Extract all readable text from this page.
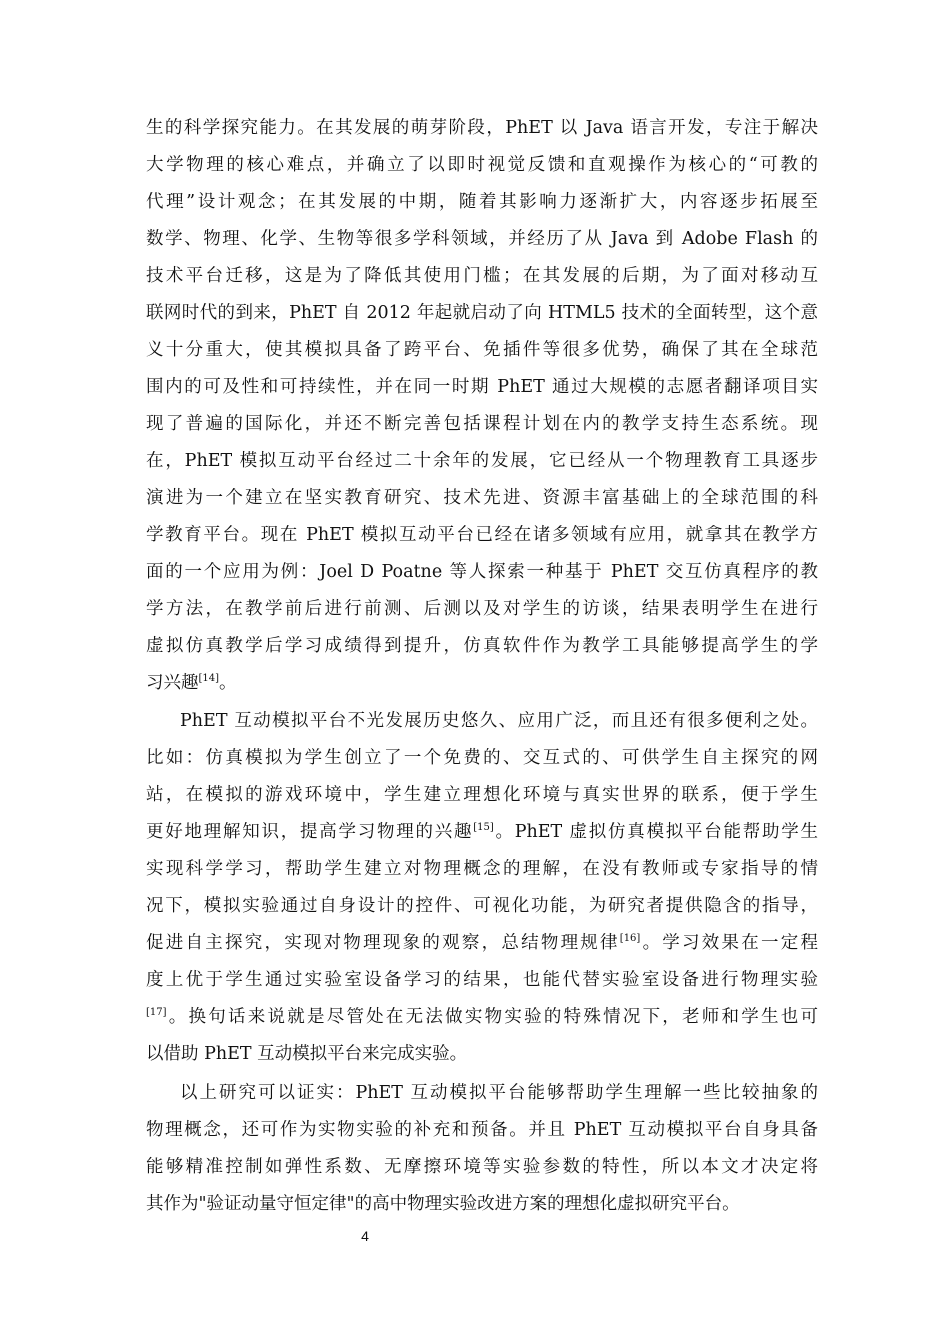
生的科学探究能力。在其发展的萌芽阶段，PhET 以 Java 语言开发，专注于解决
大学物理的核心难点，并确立了以即时视觉反馈和直观操作为核心的“可教的
代理”设计观念；在其发展的中期，随着其影响力逐渐扩大，内容逐步拓展至
数学、物理、化学、生物等很多学科领域，并经历了从 Java 到 Adobe Flash 的
技术平台迁移，这是为了降低其使用门槛；在其发展的后期，为了面对移动互
联网时代的到来，PhET 自 2012 年起就启动了向 HTML5 技术的全面转型，这个意
义十分重大，使其模拟具备了跨平台、免插件等很多优势，确保了其在全球范
围内的可及性和可持续性，并在同一时期 PhET 通过大规模的志愿者翻译项目实
现了普遍的国际化，并还不断完善包括课程计划在内的教学支持生态系统。现
在，PhET 模拟互动平台经过二十余年的发展，它已经从一个物理教育工具逐步
演进为一个建立在坚实教育研究、技术先进、资源丰富基础上的全球范围的科
学教育平台。现在 PhET 模拟互动平台已经在诸多领域有应用，就拿其在教学方
面的一个应用为例：Joel D Poatne 等人探索一种基于 PhET 交互仿真程序的教
学方法，在教学前后进行前测、后测以及对学生的访谈，结果表明学生在进行
虚拟仿真教学后学习成绩得到提升，仿真软件作为教学工具能够提高学生的学
习兴趣[14]。
PhET 互动模拟平台不光发展历史悠久、应用广泛，而且还有很多便利之处。
比如：仿真模拟为学生创立了一个免费的、交互式的、可供学生自主探究的网
站，在模拟的游戏环境中，学生建立理想化环境与真实世界的联系，便于学生
更好地理解知识，提高学习物理的兴趣[15]。PhET 虚拟仿真模拟平台能帮助学生
实现科学学习，帮助学生建立对物理概念的理解，在没有教师或专家指导的情
况下，模拟实验通过自身设计的控件、可视化功能，为研究者提供隐含的指导，
促进自主探究，实现对物理现象的观察，总结物理规律[16]。学习效果在一定程
度上优于学生通过实验室设备学习的结果，也能代替实验室设备进行物理实验
[17]。换句话来说就是尽管处在无法做实物实验的特殊情况下，老师和学生也可
以借助 PhET 互动模拟平台来完成实验。
以上研究可以证实：PhET 互动模拟平台能够帮助学生理解一些比较抽象的
物理概念，还可作为实物实验的补充和预备。并且 PhET 互动模拟平台自身具备
能够精准控制如弹性系数、无摩擦环境等实验参数的特性，所以本文才决定将
其作为"验证动量守恒定律"的高中物理实验改进方案的理想化虚拟研究平台。
4
